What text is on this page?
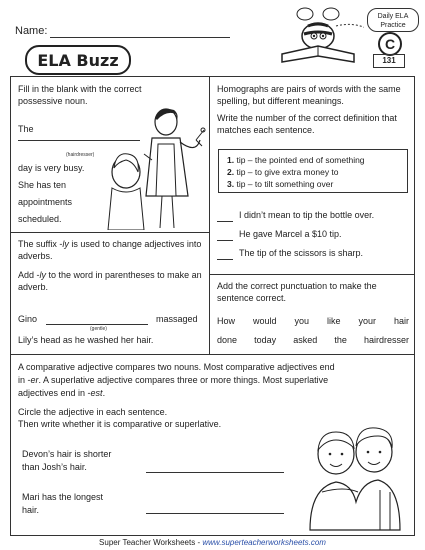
Name:
ELA Buzz
Daily ELA
Practice
C
131
Fill in the blank with the correct possessive noun.
The
(hairdresser)
day is very busy.
She has ten
appointments
scheduled.
Homographs are pairs of words with the same spelling, but different meanings.
Write the number of the correct definition that matches each sentence.
1. tip – the pointed end of something
2. tip – to give extra money to
3. tip – to tilt something over
I didn’t mean to tip the bottle over.
He gave Marcel a $10 tip.
The tip of the scissors is sharp.
The suffix -ly is used to change adjectives into adverbs.
Add -ly to the word in parentheses to make an adverb.
Gino	massaged
(gentle)
Lily’s head as he washed her hair.
Add the correct punctuation to make the sentence correct.
How would you like your hair
done today asked the hairdresser
A comparative adjective compares two nouns. Most comparative adjectives end
in -er. A superlative adjective compares three or more things. Most superlative
adjectives end in -est.
Circle the adjective in each sentence.
Then write whether it is comparative or superlative.
Devon’s hair is shorter
than Josh’s hair.
Mari has the longest
hair.
Super Teacher Worksheets - www.superteacherworksheets.com
